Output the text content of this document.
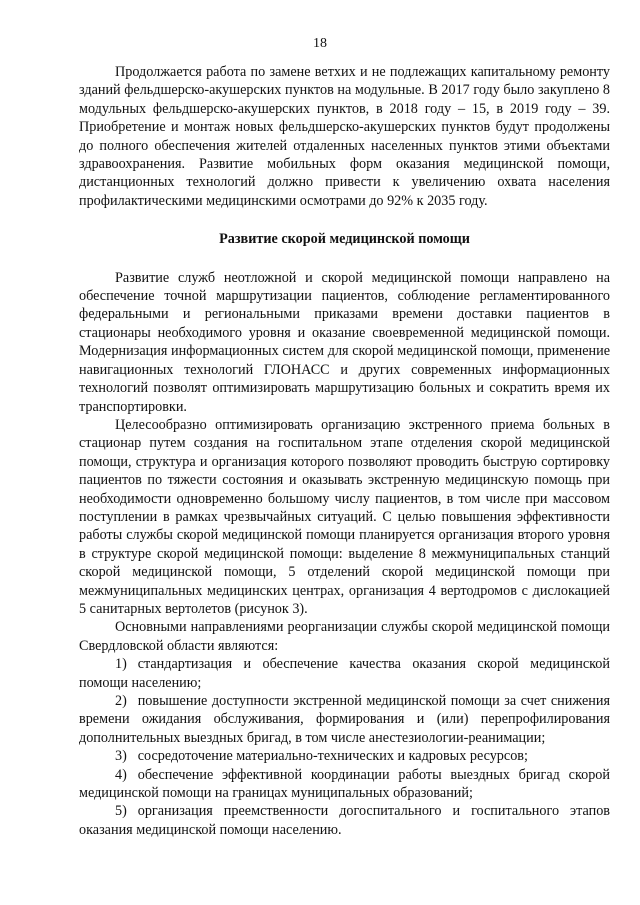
18

Продолжается работа по замене ветхих и не подлежащих капитальному ремонту зданий фельдшерско-акушерских пунктов на модульные. В 2017 году было закуплено 8 модульных фельдшерско-акушерских пунктов, в 2018 году – 15, в 2019 году – 39. Приобретение и монтаж новых фельдшерско-акушерских пунктов будут продолжены до полного обеспечения жителей отдаленных населенных пунктов этими объектами здравоохранения. Развитие мобильных форм оказания медицинской помощи, дистанционных технологий должно привести к увеличению охвата населения профилактическими медицинскими осмотрами до 92% к 2035 году.

Развитие скорой медицинской помощи

Развитие служб неотложной и скорой медицинской помощи направлено на обеспечение точной маршрутизации пациентов, соблюдение регламентированного федеральными и региональными приказами времени доставки пациентов в стационары необходимого уровня и оказание своевременной медицинской помощи. Модернизация информационных систем для скорой медицинской помощи, применение навигационных технологий ГЛОНАСС и других современных информационных технологий позволят оптимизировать маршрутизацию больных и сократить время их транспортировки.

Целесообразно оптимизировать организацию экстренного приема больных в стационар путем создания на госпитальном этапе отделения скорой медицинской помощи, структура и организация которого позволяют проводить быструю сортировку пациентов по тяжести состояния и оказывать экстренную медицинскую помощь при необходимости одновременно большому числу пациентов, в том числе при массовом поступлении в рамках чрезвычайных ситуаций. С целью повышения эффективности работы службы скорой медицинской помощи планируется организация второго уровня в структуре скорой медицинской помощи: выделение 8 межмуниципальных станций скорой медицинской помощи, 5 отделений скорой медицинской помощи при межмуниципальных медицинских центрах, организация 4 вертодромов с дислокацией 5 санитарных вертолетов (рисунок 3).

Основными направлениями реорганизации службы скорой медицинской помощи Свердловской области являются:

1) стандартизация и обеспечение качества оказания скорой медицинской помощи населению;

2) повышение доступности экстренной медицинской помощи за счет снижения времени ожидания обслуживания, формирования и (или) перепрофилирования дополнительных выездных бригад, в том числе анестезиологии-реанимации;

3) сосредоточение материально-технических и кадровых ресурсов;

4) обеспечение эффективной координации работы выездных бригад скорой медицинской помощи на границах муниципальных образований;

5) организация преемственности догоспитального и госпитального этапов оказания медицинской помощи населению.
